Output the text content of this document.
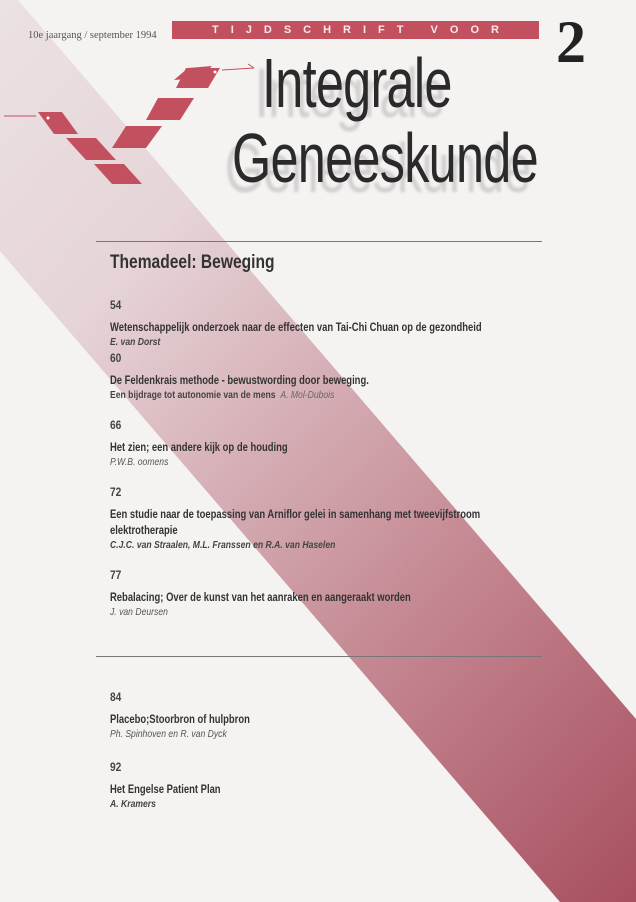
10e jaargang / september 1994	TIJDSCHRIFT VOOR 2
Integrale
Geneeskunde
Themadeel: Beweging
54
Wetenschappelijk onderzoek naar de effecten van Tai-Chi Chuan op de gezondheid
E. van Dorst
60
De Feldenkrais methode - bewustwording door beweging.
Een bijdrage tot autonomie van de mens A. Mol-Dubois
66
Het zien; een andere kijk op de houding
P.W.B. oomens
72
Een studie naar de toepassing van Arniflor gelei in samenhang met tweevijfstroom
elektrotherapie
C.J.C. van Straalen, M.L. Franssen en R.A. van Haselen
77
Rebalacing; Over de kunst van het aanraken en aangeraakt worden
J. van Deursen
84
Placebo;Stoorbron of hulpbron
Ph. Spinhoven en R. van Dyck
92
Het Engelse Patient Plan
A. Kramers
